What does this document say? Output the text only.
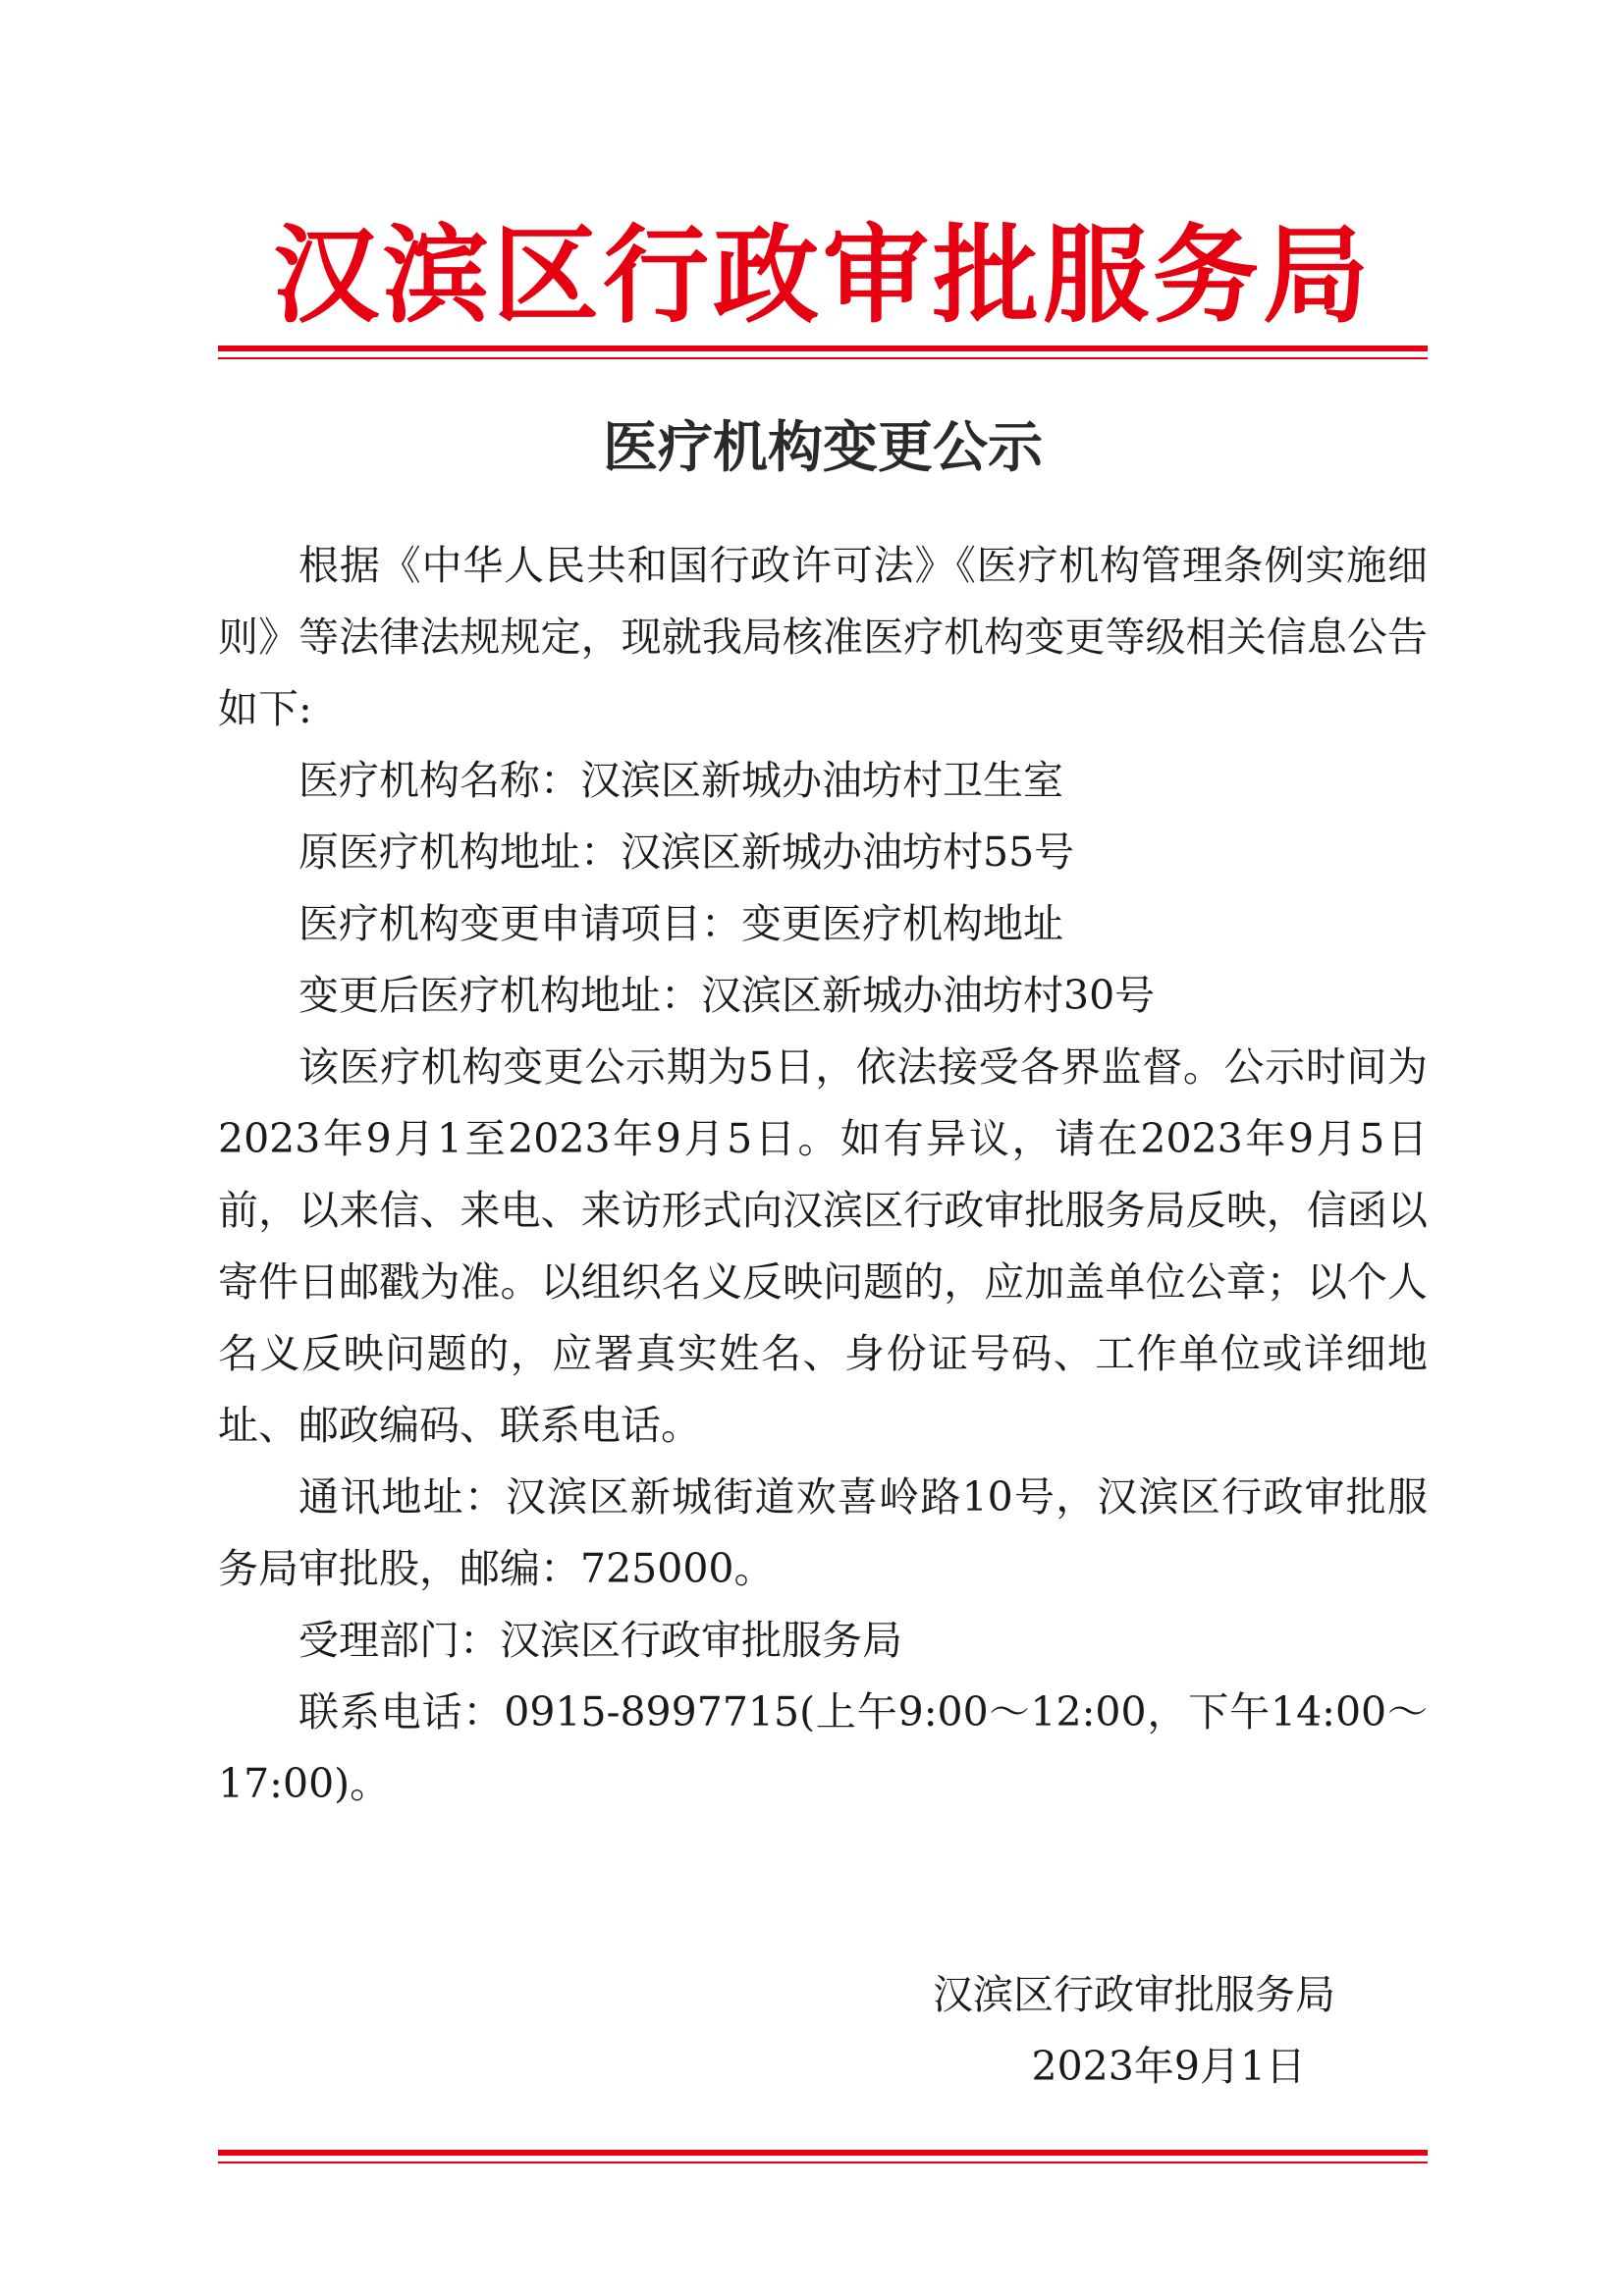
汉滨区行政审批服务局
医疗机构变更公示

根据《中华人民共和国行政许可法》《医疗机构管理条例实施细则》等法律法规规定，现就我局核准医疗机构变更等级相关信息公告如下:

医疗机构名称：汉滨区新城办油坊村卫生室

原医疗机构地址：汉滨区新城办油坊村55号

医疗机构变更申请项目：变更医疗机构地址

变更后医疗机构地址：汉滨区新城办油坊村30号

该医疗机构变更公示期为5日，依法接受各界监督。公示时间为2023年9月1至2023年9月5日。如有异议，请在2023年9月5日前，以来信、来电、来访形式向汉滨区行政审批服务局反映，信函以寄件日邮戳为准。以组织名义反映问题的，应加盖单位公章；以个人名义反映问题的，应署真实姓名、身份证号码、工作单位或详细地址、邮政编码、联系电话。

通讯地址：汉滨区新城街道欢喜岭路10号，汉滨区行政审批服务局审批股，邮编：725000。

受理部门：汉滨区行政审批服务局

联系电话：0915-8997715(上午9:00～12:00，下午14:00～17:00)。

汉滨区行政审批服务局
2023年9月1日
